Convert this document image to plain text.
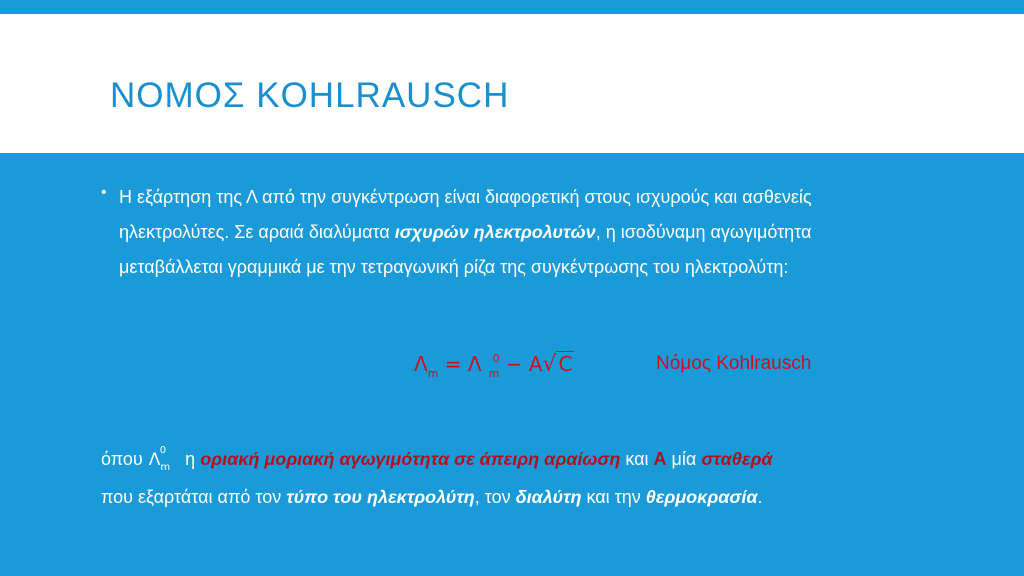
ΝΟΜΟΣ KOHLRAUSCH
• Η εξάρτηση της Λ από την συγκέντρωση είναι διαφορετική στους ισχυρούς και ασθενείς ηλεκτρολύτες. Σε αραιά διαλύματα ισχυρών ηλεκτρολυτών, η ισοδύναμη αγωγιμότητα μεταβάλλεται γραμμικά με την τετραγωνική ρίζα της συγκέντρωσης του ηλεκτρολύτη:
$\Lambda_m = \Lambda$ $^0_m$ − A√ C	Νόμος Kohlrausch
όπου Λ 0
$_m$ η οριακή μοριακή αγωγιμότητα σε άπειρη αραίωση και Α μία σταθερά
που εξαρτάται από τον τύπο του ηλεκτρολύτη, τον διαλύτη και την θερμοκρασία.
